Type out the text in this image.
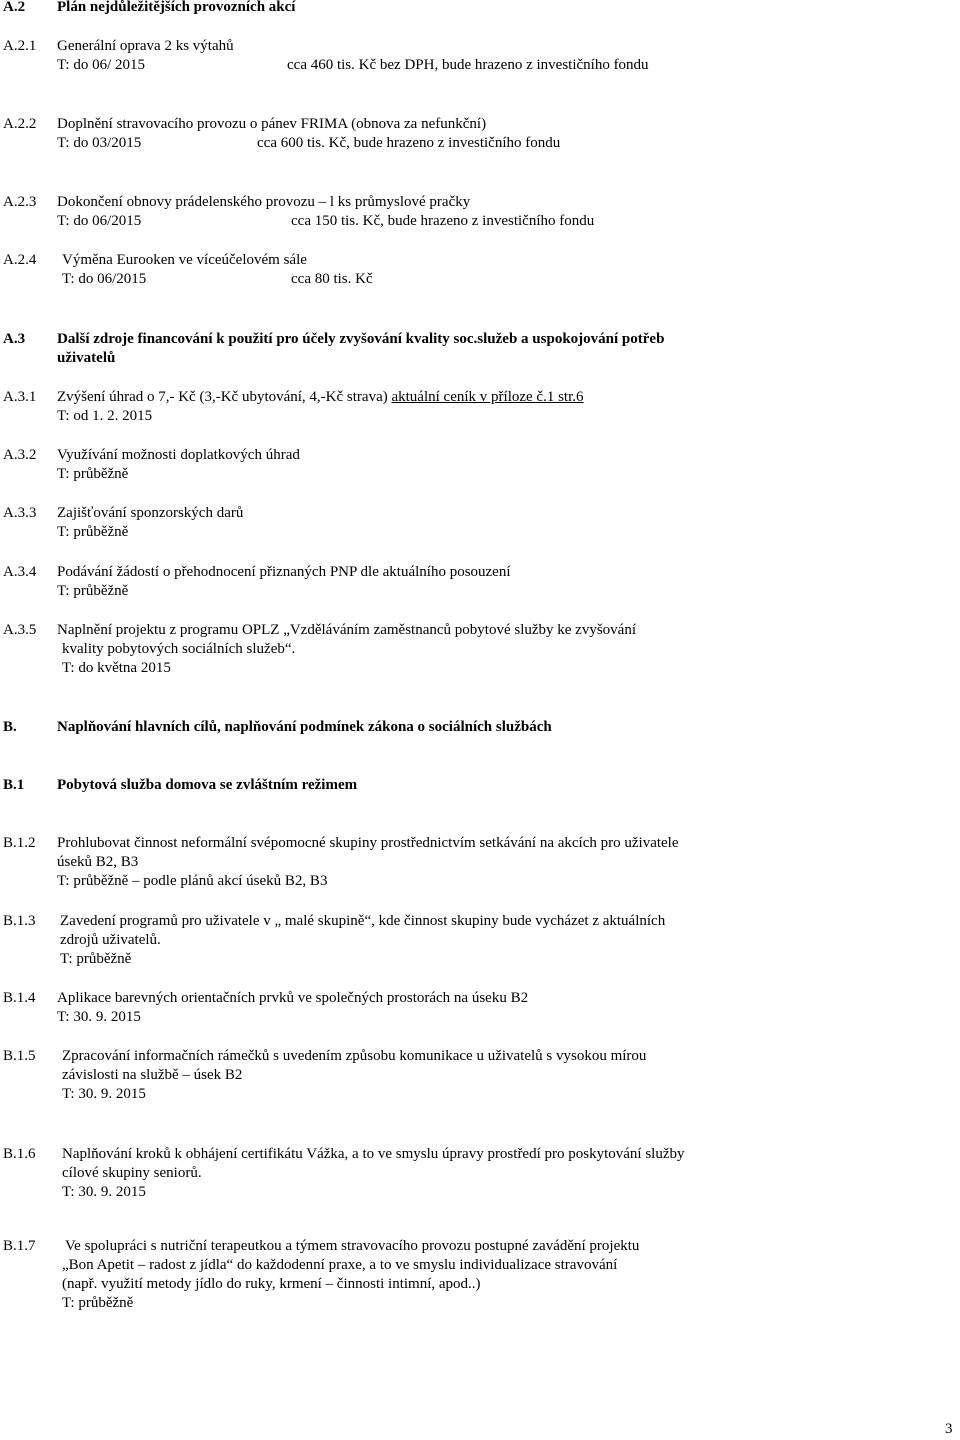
A.2 Plán nejdůležitějších provozních akcí
A.2.1 Generální oprava 2 ks výtahů
T: do 06/ 2015	cca 460 tis. Kč bez DPH, bude hrazeno z investičního fondu
A.2.2 Doplnění stravovacího provozu o pánev FRIMA (obnova za nefunkční)
T: do 03/2015	cca 600 tis. Kč, bude hrazeno z investičního fondu
A.2.3 Dokončení obnovy prádelenského provozu – l ks průmyslové pračky
T: do 06/2015	cca 150 tis. Kč, bude hrazeno z investičního fondu
A.2.4 Výměna Eurooken ve víceúčelovém sále
T: do 06/2015	cca 80 tis. Kč
A.3 Další zdroje financování k použití pro účely zvyšování kvality soc.služeb a uspokojování potřeb
uživatelů
A.3.1 Zvýšení úhrad o 7,- Kč (3,-Kč ubytování, 4,-Kč strava) aktuální ceník v příloze č.1 str.6
T: od 1. 2. 2015
A.3.2 Využívání možnosti doplatkových úhrad
T: průběžně
A.3.3 Zajišťování sponzorských darů
T: průběžně
A.3.4 Podávání žádostí o přehodnocení přiznaných PNP dle aktuálního posouzení
T: průběžně
A.3.5 Naplnění projektu z programu OPLZ „Vzděláváním zaměstnanců pobytové služby ke zvyšování
kvality pobytových sociálních služeb“.
T: do května 2015
B.	Naplňování hlavních cílů, naplňování podmínek zákona o sociálních službách
B.1 Pobytová služba domova se zvláštním režimem
B.1.2 Prohlubovat činnost neformální svépomocné skupiny prostřednictvím setkávání na akcích pro uživatele
úseků B2, B3
T: průběžně – podle plánů akcí úseků B2, B3
B.1.3 Zavedení programů pro uživatele v „ malé skupině“, kde činnost skupiny bude vycházet z aktuálních
zdrojů uživatelů.
T: průběžně
B.1.4 Aplikace barevných orientačních prvků ve společných prostorách na úseku B2
T: 30. 9. 2015
B.1.5 Zpracování informačních rámečků s uvedením způsobu komunikace u uživatelů s vysokou mírou
závislosti na službě – úsek B2
T: 30. 9. 2015
B.1.6 Naplňování kroků k obhájení certifikátu Vážka, a to ve smyslu úpravy prostředí pro poskytování služby
cílové skupiny seniorů.
T: 30. 9. 2015
B.1.7 Ve spolupráci s nutriční terapeutkou a týmem stravovacího provozu postupné zavádění projektu
„Bon Apetit – radost z jídla“ do každodenní praxe, a to ve smyslu individualizace stravování
(např. využití metody jídlo do ruky, krmení – činnosti intimní, apod..)
T: průběžně
3
